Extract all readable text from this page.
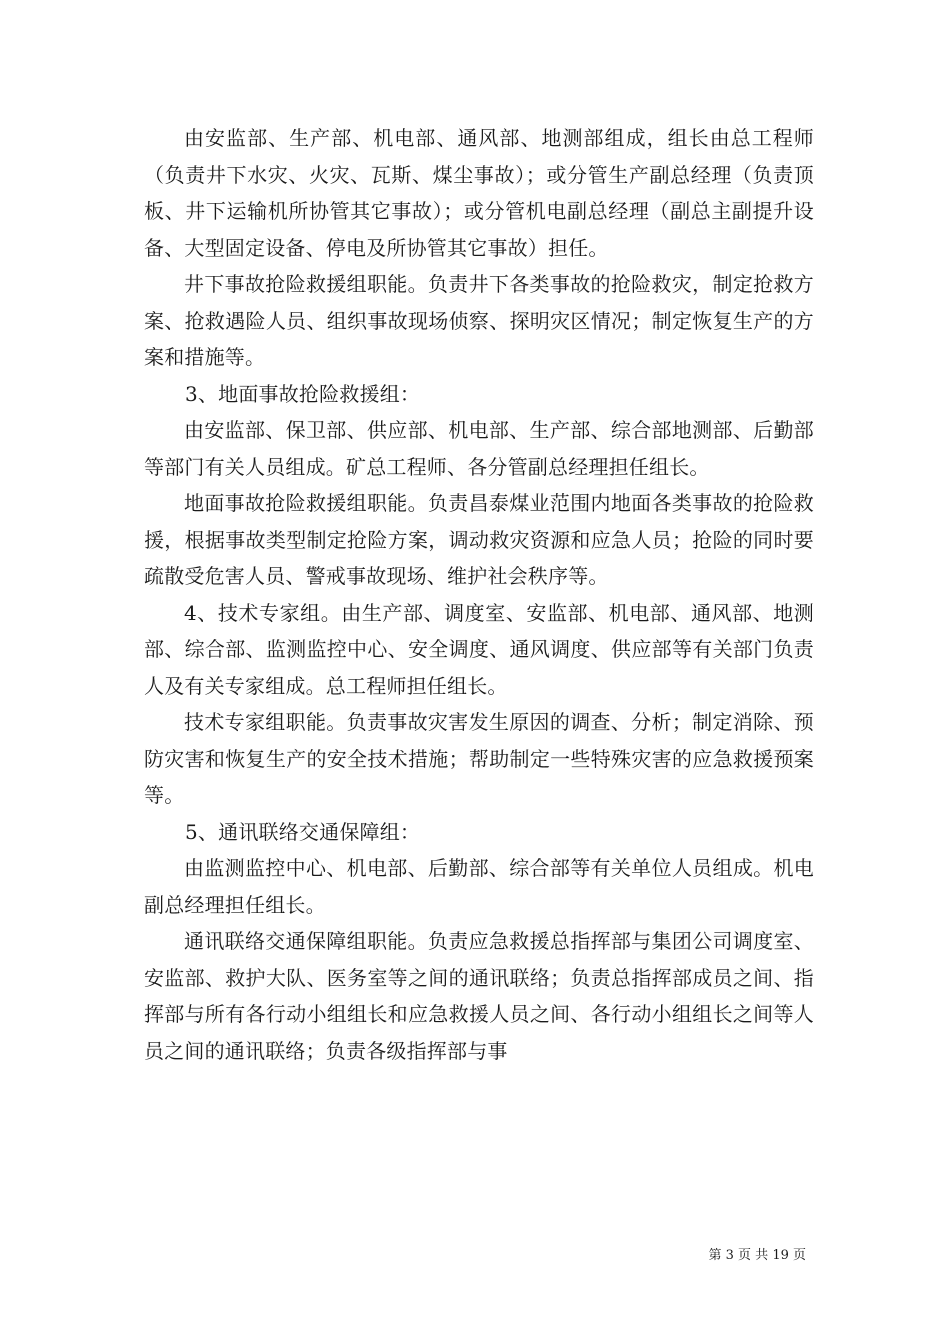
由安监部、生产部、机电部、通风部、地测部组成，组长由总工程师（负责井下水灾、火灾、瓦斯、煤尘事故）；或分管生产副总经理（负责顶板、井下运输机所协管其它事故）；或分管机电副总经理（副总主副提升设备、大型固定设备、停电及所协管其它事故）担任。

井下事故抢险救援组职能。负责井下各类事故的抢险救灾，制定抢救方案、抢救遇险人员、组织事故现场侦察、探明灾区情况；制定恢复生产的方案和措施等。

3、地面事故抢险救援组：

由安监部、保卫部、供应部、机电部、生产部、综合部地测部、后勤部等部门有关人员组成。矿总工程师、各分管副总经理担任组长。

地面事故抢险救援组职能。负责昌泰煤业范围内地面各类事故的抢险救援，根据事故类型制定抢险方案，调动救灾资源和应急人员；抢险的同时要疏散受危害人员、警戒事故现场、维护社会秩序等。

4、技术专家组。由生产部、调度室、安监部、机电部、通风部、地测部、综合部、监测监控中心、安全调度、通风调度、供应部等有关部门负责人及有关专家组成。总工程师担任组长。

技术专家组职能。负责事故灾害发生原因的调查、分析；制定消除、预防灾害和恢复生产的安全技术措施；帮助制定一些特殊灾害的应急救援预案等。

5、通讯联络交通保障组：

由监测监控中心、机电部、后勤部、综合部等有关单位人员组成。机电副总经理担任组长。

通讯联络交通保障组职能。负责应急救援总指挥部与集团公司调度室、安监部、救护大队、医务室等之间的通讯联络；负责总指挥部成员之间、指挥部与所有各行动小组组长和应急救援人员之间、各行动小组组长之间等人员之间的通讯联络；负责各级指挥部与事

第 3 页 共 19 页
